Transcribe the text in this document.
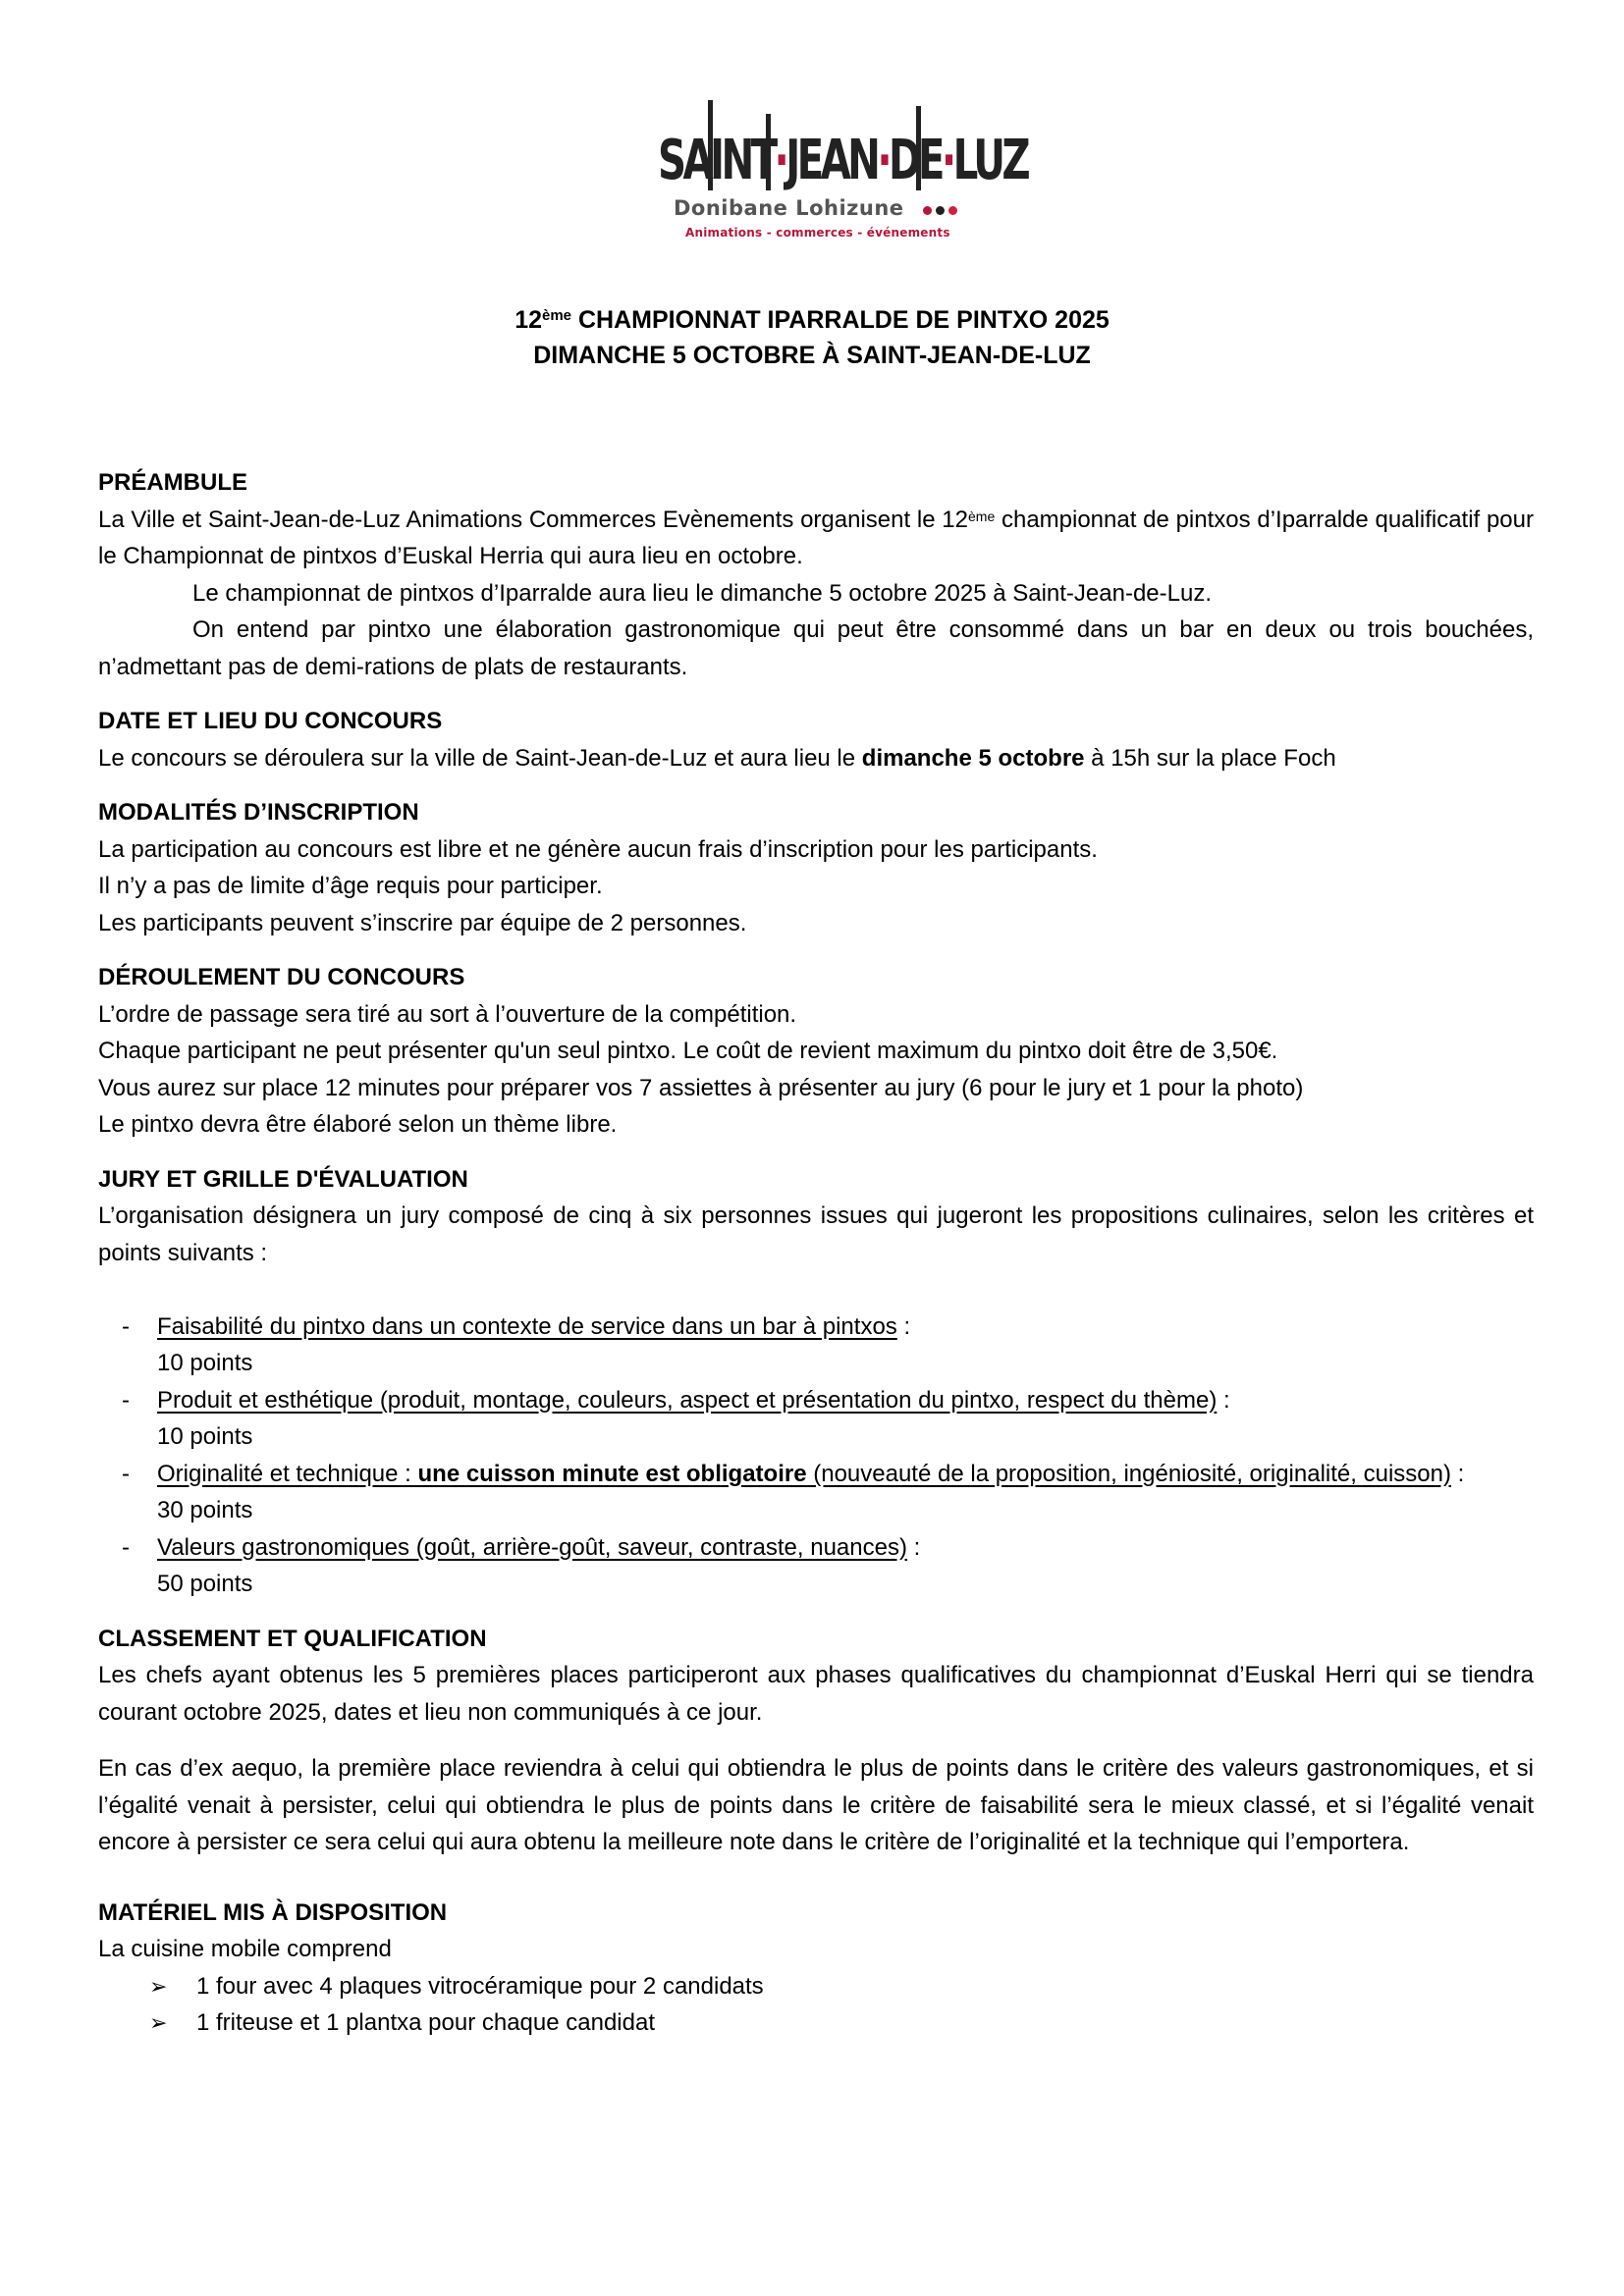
SAINT·JEAN·DE·LUZ
Donibane Lohizune
Animations - commerces - événements
12ème CHAMPIONNAT IPARRALDE DE PINTXO 2025
DIMANCHE 5 OCTOBRE À SAINT-JEAN-DE-LUZ
PRÉAMBULE

La Ville et Saint-Jean-de-Luz Animations Commerces Evènements organisent le 12ème championnat de pintxos d’Iparralde qualificatif pour le Championnat de pintxos d’Euskal Herria qui aura lieu en octobre.

Le championnat de pintxos d’Iparralde aura lieu le dimanche 5 octobre 2025 à Saint-Jean-de-Luz.

On entend par pintxo une élaboration gastronomique qui peut être consommé dans un bar en deux ou trois bouchées, n’admettant pas de demi-rations de plats de restaurants.

DATE ET LIEU DU CONCOURS

Le concours se déroulera sur la ville de Saint-Jean-de-Luz et aura lieu le dimanche 5 octobre à 15h sur la place Foch

MODALITÉS D’INSCRIPTION

La participation au concours est libre et ne génère aucun frais d’inscription pour les participants.

Il n’y a pas de limite d’âge requis pour participer.

Les participants peuvent s’inscrire par équipe de 2 personnes.

DÉROULEMENT DU CONCOURS

L’ordre de passage sera tiré au sort à l’ouverture de la compétition.

Chaque participant ne peut présenter qu'un seul pintxo. Le coût de revient maximum du pintxo doit être de 3,50€.

Vous aurez sur place 12 minutes pour préparer vos 7 assiettes à présenter au jury (6 pour le jury et 1 pour la photo)

Le pintxo devra être élaboré selon un thème libre.

JURY ET GRILLE D'ÉVALUATION

L’organisation désignera un jury composé de cinq à six personnes issues qui jugeront les propositions culinaires, selon les critères et points suivants :

- Faisabilité du pintxo dans un contexte de service dans un bar à pintxos :
10 points
- Produit et esthétique (produit, montage, couleurs, aspect et présentation du pintxo, respect du thème) :
10 points
- Originalité et technique : une cuisson minute est obligatoire (nouveauté de la proposition, ingéniosité, originalité, cuisson) :
30 points
- Valeurs gastronomiques (goût, arrière-goût, saveur, contraste, nuances) :
50 points
CLASSEMENT ET QUALIFICATION

Les chefs ayant obtenus les 5 premières places participeront aux phases qualificatives du championnat d’Euskal Herri qui se tiendra courant octobre 2025, dates et lieu non communiqués à ce jour.

En cas d’ex aequo, la première place reviendra à celui qui obtiendra le plus de points dans le critère des valeurs gastronomiques, et si l’égalité venait à persister, celui qui obtiendra le plus de points dans le critère de faisabilité sera le mieux classé, et si l’égalité venait encore à persister ce sera celui qui aura obtenu la meilleure note dans le critère de l’originalité et la technique qui l’emportera.

MATÉRIEL MIS À DISPOSITION

La cuisine mobile comprend

➢ 1 four avec 4 plaques vitrocéramique pour 2 candidats
➢ 1 friteuse et 1 plantxa pour chaque candidat
